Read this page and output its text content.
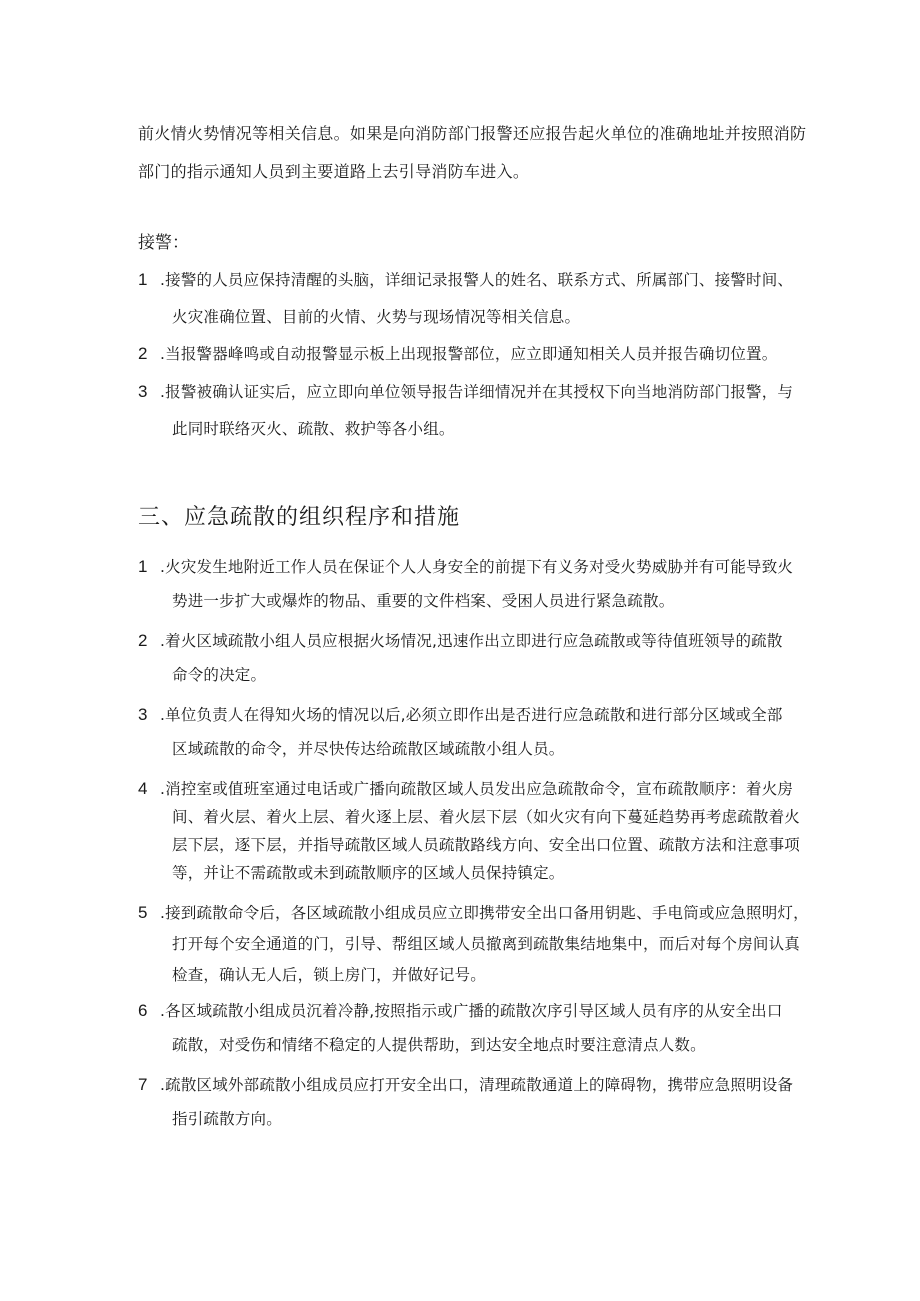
前火情火势情况等相关信息。如果是向消防部门报警还应报告起火单位的准确地址并按照消防
部门的指示通知人员到主要道路上去引导消防车进入。
接警：
1 .接警的人员应保持清醒的头脑，详细记录报警人的姓名、联系方式、所属部门、接警时间、
火灾准确位置、目前的火情、火势与现场情况等相关信息。
2 .当报警器峰鸣或自动报警显示板上出现报警部位，应立即通知相关人员并报告确切位置。
3 .报警被确认证实后，应立即向单位领导报告详细情况并在其授权下向当地消防部门报警，与
此同时联络灭火、疏散、救护等各小组。
三、应急疏散的组织程序和措施
1 .火灾发生地附近工作人员在保证个人人身安全的前提下有义务对受火势威胁并有可能导致火
势进一步扩大或爆炸的物品、重要的文件档案、受困人员进行紧急疏散。
2 .着火区域疏散小组人员应根据火场情况,迅速作出立即进行应急疏散或等待值班领导的疏散
命令的决定。
3 .单位负责人在得知火场的情况以后,必须立即作出是否进行应急疏散和进行部分区域或全部
区域疏散的命令，并尽快传达给疏散区域疏散小组人员。
4 .消控室或值班室通过电话或广播向疏散区域人员发出应急疏散命令，宣布疏散顺序：着火房
间、着火层、着火上层、着火逐上层、着火层下层（如火灾有向下蔓延趋势再考虑疏散着火
层下层，逐下层，并指导疏散区域人员疏散路线方向、安全出口位置、疏散方法和注意事项
等，并让不需疏散或未到疏散顺序的区域人员保持镇定。
5 .接到疏散命令后，各区域疏散小组成员应立即携带安全出口备用钥匙、手电筒或应急照明灯，
打开每个安全通道的门，引导、帮组区域人员撤离到疏散集结地集中，而后对每个房间认真
检查，确认无人后，锁上房门，并做好记号。
6 .各区域疏散小组成员沉着冷静,按照指示或广播的疏散次序引导区域人员有序的从安全出口
疏散，对受伤和情绪不稳定的人提供帮助，到达安全地点时要注意清点人数。
7 .疏散区域外部疏散小组成员应打开安全出口，清理疏散通道上的障碍物，携带应急照明设备
指引疏散方向。
